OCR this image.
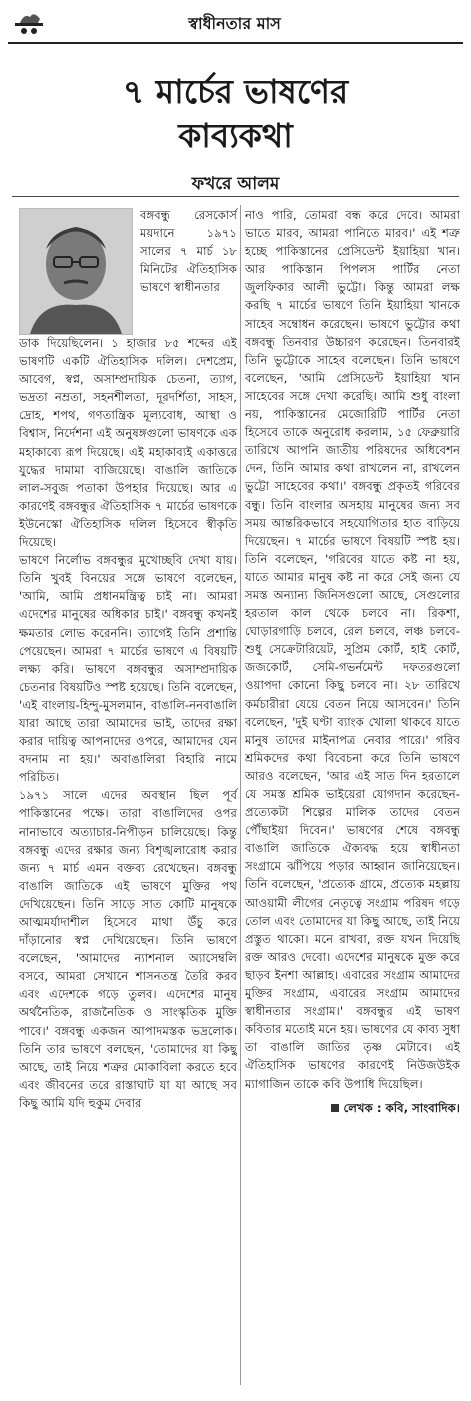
স্বাধীনতার মাস
৭ মার্চের ভাষণের
কাব্যকথা
ফখরে আলম

বঙ্গবন্ধু রেসকোর্স ময়দানে ১৯৭১ সালের ৭ মার্চ ১৮ মিনিটের ঐতিহাসিক ভাষণে স্বাধীনতার

ডাক দিয়েছিলেন। ১ হাজার ৮৫ শব্দের এই ভাষণটি একটি ঐতিহাসিক দলিল। দেশপ্রেম, আবেগ, স্বপ্ন, অসাম্প্রদায়িক চেতনা, ত্যাগ, ভদ্রতা নম্রতা, সহনশীলতা, দূরদর্শিতা, সাহস, দ্রোহ, শপথ, গণতান্ত্রিক মূল্যবোধ, আস্থা ও বিশ্বাস, নির্দেশনা এই অনুষঙ্গগুলো ভাষণকে এক মহাকাব্যে রূপ দিয়েছে। এই মহাকাব্যই একাত্তরে যুদ্ধের দামামা বাজিয়েছে। বাঙালি জাতিকে লাল-সবুজ পতাকা উপহার দিয়েছে। আর এ কারণেই বঙ্গবন্ধুর ঐতিহাসিক ৭ মার্চের ভাষণকে ইউনেস্কো ঐতিহাসিক দলিল হিসেবে স্বীকৃতি দিয়েছে।
ভাষণে নির্লোভ বঙ্গবন্ধুর মুখোচ্ছবি দেখা যায়। তিনি খুবই বিনয়ের সঙ্গে ভাষণে বলেছেন, 'আমি, আমি প্রধানমন্ত্রিত্ব চাই না। আমরা এদেশের মানুষের অধিকার চাই।' বঙ্গবন্ধু কখনই ক্ষমতার লোভ করেননি। ত্যাগেই তিনি প্রশান্তি পেয়েছেন। আমরা ৭ মার্চের ভাষণে এ বিষয়টি লক্ষ্য করি। ভাষণে বঙ্গবন্ধুর অসাম্প্রদায়িক চেতনার বিষয়টিও স্পষ্ট হয়েছে। তিনি বলেছেন, 'এই বাংলায়-হিন্দু-মুসলমান, বাঙালি-ননবাঙালি যারা আছে তারা আমাদের ভাই, তাদের রক্ষা করার দায়িত্ব আপনাদের ওপরে, আমাদের যেন বদনাম না হয়।' অবাঙালিরা বিহারি নামে পরিচিত।
১৯৭১ সালে এদের অবস্থান ছিল পূর্ব পাকিস্তানের পক্ষে। তারা বাঙালিদের ওপর নানাভাবে অত্যাচার-নিপীড়ন চালিয়েছে। কিন্তু বঙ্গবন্ধু এদের রক্ষার জন্য বিশৃঙ্খলারোধ করার জন্য ৭ মার্চ এমন বক্তব্য রেখেছেন। বঙ্গবন্ধু বাঙালি জাতিকে এই ভাষণে মুক্তির পথ দেখিয়েছেন। তিনি সাড়ে সাত কোটি মানুষকে আত্মমর্যাদাশীল হিসেবে মাথা উঁচু করে দাঁড়ানোর স্বপ্ন দেখিয়েছেন। তিনি ভাষণে বলেছেন, 'আমাদের ন্যাশনাল অ্যাসেম্বলি বসবে, আমরা সেখানে শাসনতন্ত্র তৈরি করব এবং এদেশকে গড়ে তুলব। এদেশের মানুষ অর্থনৈতিক, রাজনৈতিক ও সাংস্কৃতিক মুক্তি পাবে।' বঙ্গবন্ধু একজন আপাদমস্তক ভদ্রলোক। তিনি তার ভাষণে বলছেন, 'তোমাদের যা কিছু আছে, তাই নিয়ে শত্রুর মোকাবিলা করতে হবে এবং জীবনের তরে রাস্তাঘাট যা যা আছে সব কিছু আমি যদি হুকুম দেবার

নাও পারি, তোমরা বন্ধ করে দেবে। আমরা ভাতে মারব, আমরা পানিতে মারব।' এই শত্রু হচ্ছে পাকিস্তানের প্রেসিডেন্ট ইয়াহিয়া খান। আর পাকিস্তান পিপলস পার্টির নেতা জুলফিকার আলী ভুট্টো। কিন্তু আমরা লক্ষ করছি ৭ মার্চের ভাষণে তিনি ইয়াহিয়া খানকে সাহেব সম্বোধন করেছেন। ভাষণে ভুট্টোর কথা বঙ্গবন্ধু তিনবার উচ্চারণ করেছেন। তিনবারই তিনি ভুট্টোকে সাহেব বলেছেন। তিনি ভাষণে বলেছেন, 'আমি প্রেসিডেন্ট ইয়াহিয়া খান সাহেবের সঙ্গে দেখা করেছি। আমি শুধু বাংলা নয়, পাকিস্তানের মেজোরিটি পার্টির নেতা হিসেবে তাকে অনুরোধ করলাম, ১৫ ফেব্রুয়ারি তারিখে আপনি জাতীয় পরিষদের অধিবেশন দেন, তিনি আমার কথা রাখলেন না, রাখলেন ভুট্টো সাহেবের কথা।' বঙ্গবন্ধু প্রকৃতই গরিবের বন্ধু। তিনি বাংলার অসহায় মানুষের জন্য সব সময় আন্তরিকভাবে সহযোগিতার হাত বাড়িয়ে দিয়েছেন। ৭ মার্চের ভাষণে বিষয়টি স্পষ্ট হয়। তিনি বলেছেন, 'গরিবের যাতে কষ্ট না হয়, যাতে আমার মানুষ কষ্ট না করে সেই জন্য যে সমস্ত অন্যান্য জিনিসগুলো আছে, সেগুলোর হরতাল কাল থেকে চলবে না। রিকশা, ঘোড়ারগাড়ি চলবে, রেল চলবে, লঞ্চ চলবে-শুধু সেক্রেটারিয়েট, সুপ্রিম কোর্ট, হাই কোর্ট, জজকোর্ট, সেমি-গভর্নমেন্ট দফতরগুলো ওয়াপদা কোনো কিছু চলবে না। ২৮ তারিখে কর্মচারীরা যেয়ে বেতন নিয়ে আসবেন।' তিনি বলেছেন, 'দুই ঘণ্টা ব্যাংক খোলা থাকবে যাতে মানুষ তাদের মাইনাপত্র নেবার পারে।' গরিব শ্রমিকদের কথা বিবেচনা করে তিনি ভাষণে আরও বলেছেন, 'আর এই সাত দিন হরতালে যে সমস্ত শ্রমিক ভাইয়েরা যোগদান করেছেন-প্রত্যেকটা শিল্পের মালিক তাদের বেতন পৌঁছাইয়া দিবেন।' ভাষণের শেষে বঙ্গবন্ধু বাঙালি জাতিকে ঐক্যবদ্ধ হয়ে স্বাধীনতা সংগ্রামে ঝাঁপিয়ে পড়ার আহ্বান জানিয়েছেন। তিনি বলেছেন, 'প্রত্যেক গ্রামে, প্রত্যেক মহল্লায় আওয়ামী লীগের নেতৃত্বে সংগ্রাম পরিষদ গড়ে তোল এবং তোমাদের যা কিছু আছে, তাই নিয়ে প্রস্তুত থাকো। মনে রাখবা, রক্ত যখন দিয়েছি রক্ত আরও দেবো। এদেশের মানুষকে মুক্ত করে ছাড়ব ইনশা আল্লাহ। এবারের সংগ্রাম আমাদের মুক্তির সংগ্রাম, এবারের সংগ্রাম আমাদের স্বাধীনতার সংগ্রাম।' বঙ্গবন্ধুর এই ভাষণ কবিতার মতোই মনে হয়। ভাষণের যে কাব্য সুধা তা বাঙালি জাতির তৃষ্ণ মেটাবে। এই ঐতিহাসিক ভাষণের কারণেই নিউজউইক ম্যাগাজিন তাকে কবি উপাধি দিয়েছিল।

লেখক : কবি, সাংবাদিক।
